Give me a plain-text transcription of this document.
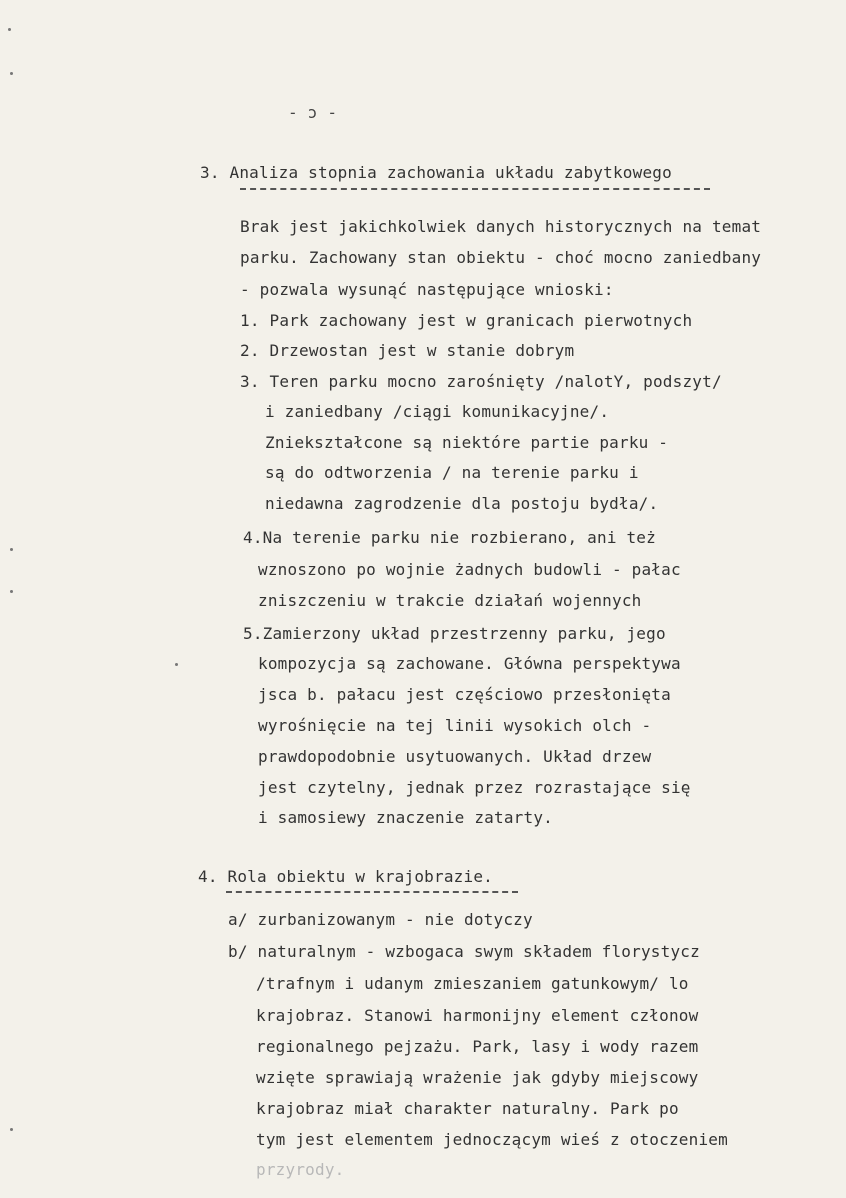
- ɔ -
3. Analiza stopnia zachowania układu zabytkowego
Brak jest jakichkolwiek danych historycznych na temat
parku. Zachowany stan obiektu - choć mocno zaniedbany
- pozwala wysunąć następujące wnioski:
1. Park zachowany jest w granicach pierwotnych
2. Drzewostan jest w stanie dobrym
3. Teren parku mocno zarośnięty /nalotY, podszyt/
i zaniedbany /ciągi komunikacyjne/.
Zniekształcone są niektóre partie parku -
są do odtworzenia / na terenie parku i
niedawna zagrodzenie dla postoju bydła/.
4.Na terenie parku nie rozbierano, ani też
wznoszono po wojnie żadnych budowli - pałac
zniszczeniu w trakcie działań wojennych
5.Zamierzony układ przestrzenny parku, jego
kompozycja są zachowane. Główna perspektywa
jsca b. pałacu jest częściowo przesłonięta
wyrośnięcie na tej linii wysokich olch -
prawdopodobnie usytuowanych. Układ drzew
jest czytelny, jednak przez rozrastające się
i samosiewy znaczenie zatarty.
4. Rola obiektu w krajobrazie.
a/ zurbanizowanym - nie dotyczy
b/ naturalnym - wzbogaca swym składem florystycz
/trafnym i udanym zmieszaniem gatunkowym/ lo
krajobraz. Stanowi harmonijny element członow
regionalnego pejzażu. Park, lasy i wody razem
wzięte sprawiają wrażenie jak gdyby miejscowy
krajobraz miał charakter naturalny. Park po
tym jest elementem jednoczącym wieś z otoczeniem
przyrody.
